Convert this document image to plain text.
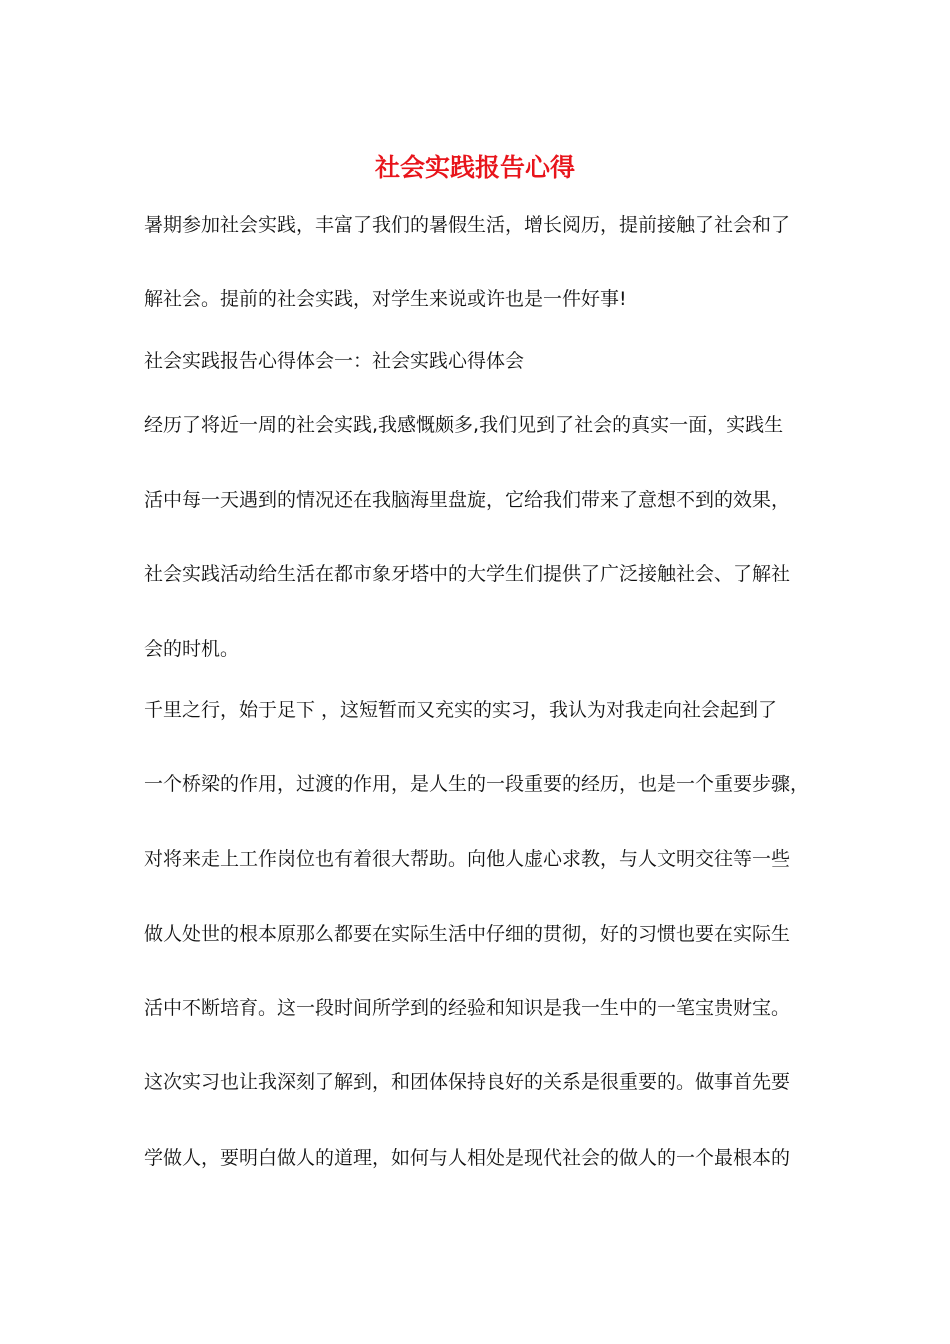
社会实践报告心得

暑期参加社会实践，丰富了我们的暑假生活，增长阅历，提前接触了社会和了

解社会。提前的社会实践，对学生来说或许也是一件好事!

社会实践报告心得体会一：社会实践心得体会

经历了将近一周的社会实践,我感慨颇多,我们见到了社会的真实一面，实践生

活中每一天遇到的情况还在我脑海里盘旋，它给我们带来了意想不到的效果，

社会实践活动给生活在都市象牙塔中的大学生们提供了广泛接触社会、了解社

会的时机。

千里之行，始于足下 ，这短暂而又充实的实习，我认为对我走向社会起到了

一个桥梁的作用，过渡的作用，是人生的一段重要的经历，也是一个重要步骤，

对将来走上工作岗位也有着很大帮助。向他人虚心求教，与人文明交往等一些

做人处世的根本原那么都要在实际生活中仔细的贯彻，好的习惯也要在实际生

活中不断培育。这一段时间所学到的经验和知识是我一生中的一笔宝贵财宝。

这次实习也让我深刻了解到，和团体保持良好的关系是很重要的。做事首先要

学做人，要明白做人的道理，如何与人相处是现代社会的做人的一个最根本的
